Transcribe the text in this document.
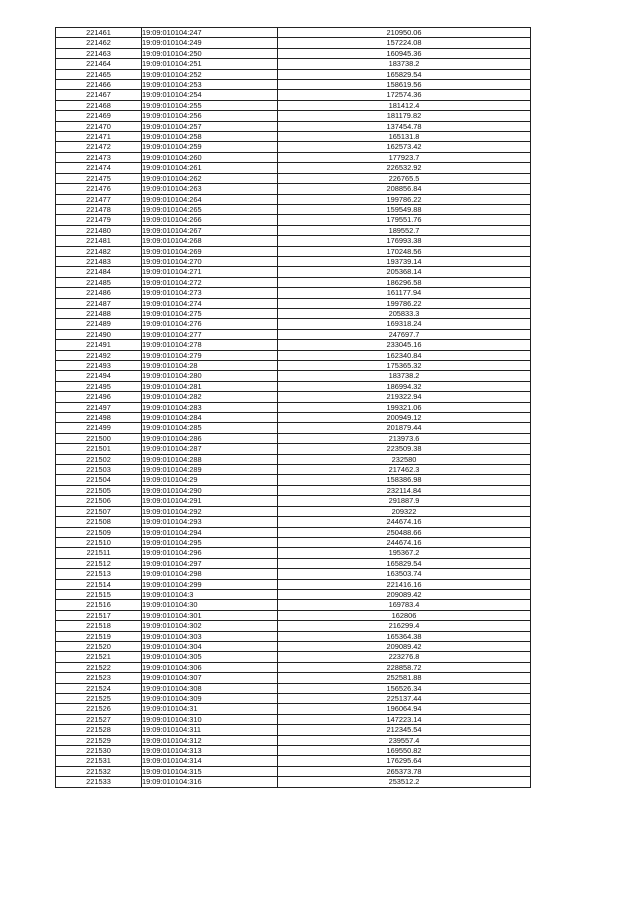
221461	19:09:010104:247	210950.06
221462	19:09:010104:249	157224.08
221463	19:09:010104:250	160945.36
221464	19:09:010104:251	183738.2
221465	19:09:010104:252	165829.54
221466	19:09:010104:253	158619.56
221467	19:09:010104:254	172574.36
221468	19:09:010104:255	181412.4
221469	19:09:010104:256	181179.82
221470	19:09:010104:257	137454.78
221471	19:09:010104:258	165131.8
221472	19:09:010104:259	162573.42
221473	19:09:010104:260	177923.7
221474	19:09:010104:261	226532.92
221475	19:09:010104:262	226765.5
221476	19:09:010104:263	208856.84
221477	19:09:010104:264	199786.22
221478	19:09:010104:265	159549.88
221479	19:09:010104:266	179551.76
221480	19:09:010104:267	189552.7
221481	19:09:010104:268	176993.38
221482	19:09:010104:269	170248.56
221483	19:09:010104:270	193739.14
221484	19:09:010104:271	205368.14
221485	19:09:010104:272	186296.58
221486	19:09:010104:273	161177.94
221487	19:09:010104:274	199786.22
221488	19:09:010104:275	205833.3
221489	19:09:010104:276	169318.24
221490	19:09:010104:277	247697.7
221491	19:09:010104:278	233045.16
221492	19:09:010104:279	162340.84
221493	19:09:010104:28	175365.32
221494	19:09:010104:280	183738.2
221495	19:09:010104:281	186994.32
221496	19:09:010104:282	219322.94
221497	19:09:010104:283	199321.06
221498	19:09:010104:284	200949.12
221499	19:09:010104:285	201879.44
221500	19:09:010104:286	213973.6
221501	19:09:010104:287	223509.38
221502	19:09:010104:288	232580
221503	19:09:010104:289	217462.3
221504	19:09:010104:29	158386.98
221505	19:09:010104:290	232114.84
221506	19:09:010104:291	291887.9
221507	19:09:010104:292	209322
221508	19:09:010104:293	244674.16
221509	19:09:010104:294	250488.66
221510	19:09:010104:295	244674.16
221511	19:09:010104:296	195367.2
221512	19:09:010104:297	165829.54
221513	19:09:010104:298	163503.74
221514	19:09:010104:299	221416.16
221515	19:09:010104:3	209089.42
221516	19:09:010104:30	169783.4
221517	19:09:010104:301	162806
221518	19:09:010104:302	216299.4
221519	19:09:010104:303	165364.38
221520	19:09:010104:304	209089.42
221521	19:09:010104:305	223276.8
221522	19:09:010104:306	228858.72
221523	19:09:010104:307	252581.88
221524	19:09:010104:308	156526.34
221525	19:09:010104:309	225137.44
221526	19:09:010104:31	196064.94
221527	19:09:010104:310	147223.14
221528	19:09:010104:311	212345.54
221529	19:09:010104:312	239557.4
221530	19:09:010104:313	169550.82
221531	19:09:010104:314	176295.64
221532	19:09:010104:315	265373.78
221533	19:09:010104:316	253512.2
